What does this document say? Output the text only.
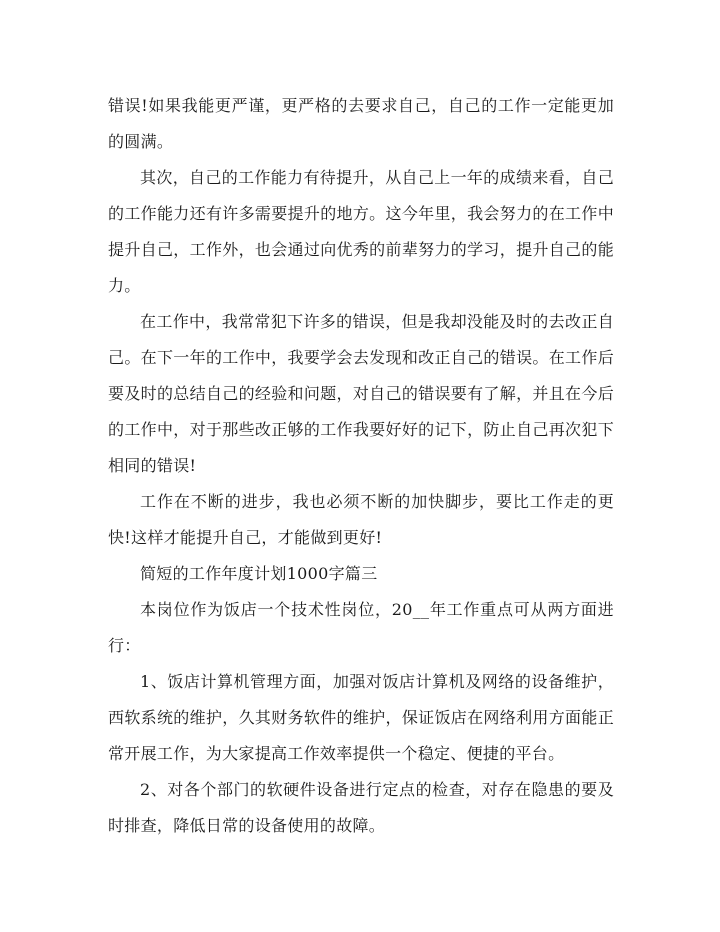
错误!如果我能更严谨，更严格的去要求自己，自己的工作一定能更加的圆满。

其次，自己的工作能力有待提升，从自己上一年的成绩来看，自己的工作能力还有许多需要提升的地方。这今年里，我会努力的在工作中提升自己，工作外，也会通过向优秀的前辈努力的学习，提升自己的能力。

在工作中，我常常犯下许多的错误，但是我却没能及时的去改正自己。在下一年的工作中，我要学会去发现和改正自己的错误。在工作后要及时的总结自己的经验和问题，对自己的错误要有了解，并且在今后的工作中，对于那些改正够的工作我要好好的记下，防止自己再次犯下相同的错误!

工作在不断的进步，我也必须不断的加快脚步，要比工作走的更快!这样才能提升自己，才能做到更好!

简短的工作年度计划1000字篇三

本岗位作为饭店一个技术性岗位，20__年工作重点可从两方面进行：

1、饭店计算机管理方面，加强对饭店计算机及网络的设备维护，西软系统的维护，久其财务软件的维护，保证饭店在网络利用方面能正常开展工作，为大家提高工作效率提供一个稳定、便捷的平台。

2、对各个部门的软硬件设备进行定点的检查，对存在隐患的要及时排查，降低日常的设备使用的故障。
